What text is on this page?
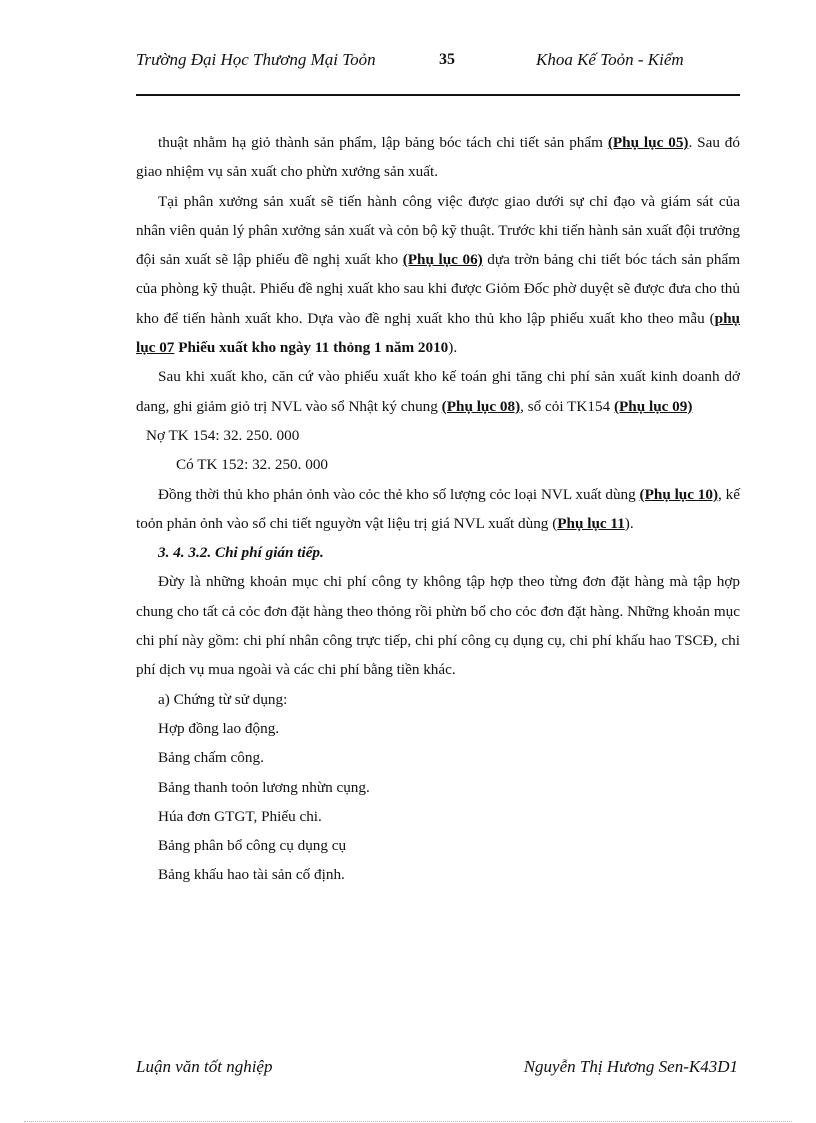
Trường Đại Học Thương Mại Toỏn	35	Khoa Kế Toỏn - Kiểm

thuật nhằm hạ giỏ thành sản phẩm, lập bảng bóc tách chi tiết sản phẩm (Phụ lục 05). Sau đó giao nhiệm vụ sản xuất cho phừn xưởng sản xuất.

Tại phân xưởng sản xuất sẽ tiến hành công việc được giao dưới sự chỉ đạo và giám sát của nhân viên quản lý phân xưởng sản xuất và cỏn bộ kỹ thuật. Trước khi tiến hành sản xuất đội trưởng đội sản xuất sẽ lập phiếu đề nghị xuất kho (Phụ lục 06) dựa trờn bảng chi tiết bóc tách sản phẩm của phòng kỹ thuật. Phiếu đề nghị xuất kho sau khi được Giỏm Đốc phờ duyệt sẽ được đưa cho thủ kho để tiến hành xuất kho. Dựa vào đề nghị xuất kho thủ kho lập phiếu xuất kho theo mẫu (phụ lục 07 Phiếu xuất kho ngày 11 thỏng 1 năm 2010).

Sau khi xuất kho, căn cứ vào phiếu xuất kho kế toán ghi tăng chi phí sản xuất kinh doanh dở dang, ghi giảm giỏ trị NVL vào sổ Nhật ký chung (Phụ lục 08), sổ cỏi TK154 (Phụ lục 09)

Nợ TK 154: 32. 250. 000

Có TK 152: 32. 250. 000

Đồng thời thủ kho phản ỏnh vào cỏc thẻ kho số lượng cỏc loại NVL xuất dùng (Phụ lục 10), kế toỏn phản ỏnh vào sổ chi tiết nguyờn vật liệu trị giá NVL xuất dùng (Phụ lục 11).

3. 4. 3.2. Chi phí gián tiếp.

Đừy là những khoản mục chi phí công ty không tập hợp theo từng đơn đặt hàng mà tập hợp chung cho tất cả cỏc đơn đặt hàng theo thỏng rồi phừn bổ cho cỏc đơn đặt hàng. Những khoản mục chi phí này gồm: chi phí nhân công trực tiếp, chi phí công cụ dụng cụ, chi phí khấu hao TSCĐ, chi phí dịch vụ mua ngoài và các chi phí bằng tiền khác.

a) Chứng từ sử dụng:

Hợp đồng lao động.

Bảng chấm công.

Bảng thanh toỏn lương nhừn cụng.

Húa đơn GTGT, Phiếu chi.

Bảng phân bổ công cụ dụng cụ

Bảng khấu hao tài sản cố định.

Luận văn tốt nghiệp	Nguyễn Thị Hương Sen-K43D1
